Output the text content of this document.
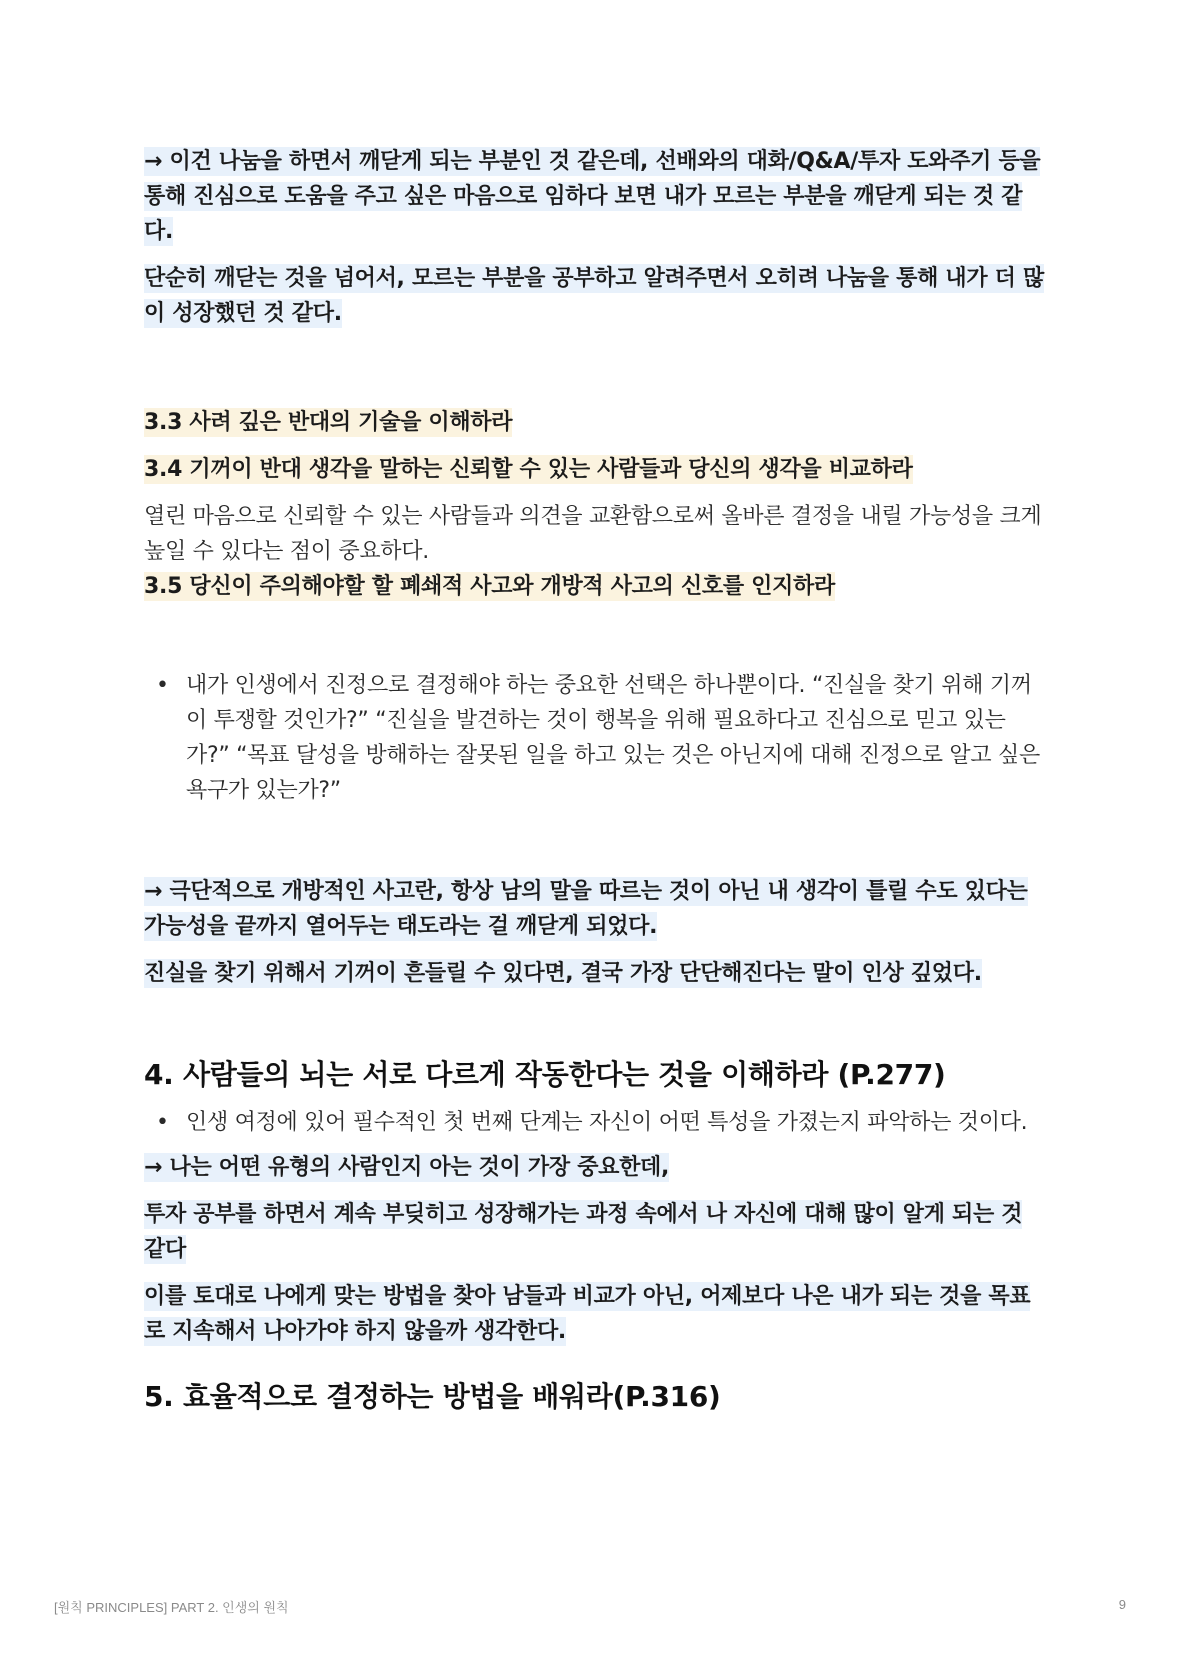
→ 이건 나눔을 하면서 깨닫게 되는 부분인 것 같은데, 선배와의 대화/Q&A/투자 도와주기 등을 통해 진심으로 도움을 주고 싶은 마음으로 임하다 보면 내가 모르는 부분을 깨닫게 되는 것 같다.

단순히 깨닫는 것을 넘어서, 모르는 부분을 공부하고 알려주면서 오히려 나눔을 통해 내가 더 많이 성장했던 것 같다.

3.3 사려 깊은 반대의 기술을 이해하라

3.4 기꺼이 반대 생각을 말하는 신뢰할 수 있는 사람들과 당신의 생각을 비교하라

열린 마음으로 신뢰할 수 있는 사람들과 의견을 교환함으로써 올바른 결정을 내릴 가능성을 크게 높일 수 있다는 점이 중요하다.

3.5 당신이 주의해야할 할 폐쇄적 사고와 개방적 사고의 신호를 인지하라

• 내가 인생에서 진정으로 결정해야 하는 중요한 선택은 하나뿐이다. “진실을 찾기 위해 기꺼이 투쟁할 것인가?” “진실을 발견하는 것이 행복을 위해 필요하다고 진심으로 믿고 있는가?” “목표 달성을 방해하는 잘못된 일을 하고 있는 것은 아닌지에 대해 진정으로 알고 싶은 욕구가 있는가?”

→ 극단적으로 개방적인 사고란, 항상 남의 말을 따르는 것이 아닌 내 생각이 틀릴 수도 있다는 가능성을 끝까지 열어두는 태도라는 걸 깨닫게 되었다.

진실을 찾기 위해서 기꺼이 흔들릴 수 있다면, 결국 가장 단단해진다는 말이 인상 깊었다.

4. 사람들의 뇌는 서로 다르게 작동한다는 것을 이해하라 (P.277)
• 인생 여정에 있어 필수적인 첫 번째 단계는 자신이 어떤 특성을 가졌는지 파악하는 것이다.

→ 나는 어떤 유형의 사람인지 아는 것이 가장 중요한데,

투자 공부를 하면서 계속 부딪히고 성장해가는 과정 속에서 나 자신에 대해 많이 알게 되는 것 같다

이를 토대로 나에게 맞는 방법을 찾아 남들과 비교가 아닌, 어제보다 나은 내가 되는 것을 목표로 지속해서 나아가야 하지 않을까 생각한다.

5. 효율적으로 결정하는 방법을 배워라(P.316)
[원칙 PRINCIPLES] PART 2. 인생의 원칙	9
